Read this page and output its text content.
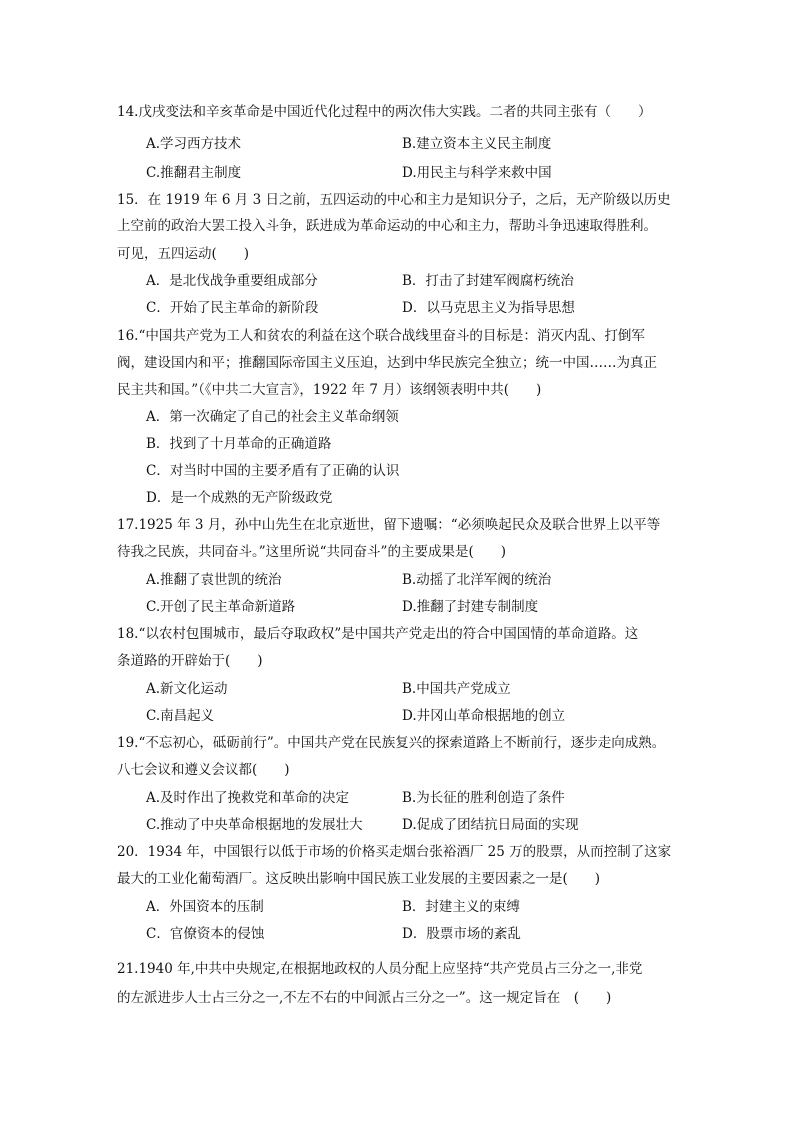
14.戊戌变法和辛亥革命是中国近代化过程中的两次伟大实践。二者的共同主张有（　　）
A.学习西方技术	B.建立资本主义民主制度
C.推翻君主制度	D.用民主与科学来救中国
15．在 1919 年 6 月 3 日之前，五四运动的中心和主力是知识分子，之后，无产阶级以历史
上空前的政治大罢工投入斗争，跃进成为革命运动的中心和主力，帮助斗争迅速取得胜利。
可见，五四运动(　　)
A．是北伐战争重要组成部分	B．打击了封建军阀腐朽统治
C．开始了民主革命的新阶段	D．以马克思主义为指导思想
16.“中国共产党为工人和贫农的利益在这个联合战线里奋斗的目标是：消灭内乱、打倒军
阀，建设国内和平；推翻国际帝国主义压迫，达到中华民族完全独立；统一中国……为真正
民主共和国。”（《中共二大宣言》，1922 年 7 月）该纲领表明中共(　　)
A．第一次确定了自己的社会主义革命纲领
B．找到了十月革命的正确道路
C．对当时中国的主要矛盾有了正确的认识
D．是一个成熟的无产阶级政党
17.1925 年 3 月，孙中山先生在北京逝世，留下遗嘱：“必须唤起民众及联合世界上以平等
待我之民族，共同奋斗。”这里所说“共同奋斗”的主要成果是(　　)
A.推翻了袁世凯的统治	B.动摇了北洋军阀的统治
C.开创了民主革命新道路	D.推翻了封建专制制度
18.“以农村包围城市，最后夺取政权”是中国共产党走出的符合中国国情的革命道路。这
条道路的开辟始于(　　)
A.新文化运动	B.中国共产党成立
C.南昌起义	D.井冈山革命根据地的创立
19.“不忘初心，砥砺前行”。中国共产党在民族复兴的探索道路上不断前行，逐步走向成熟。
八七会议和遵义会议都(　　)
A.及时作出了挽救党和革命的决定	B.为长征的胜利创造了条件
C.推动了中央革命根据地的发展壮大	D.促成了团结抗日局面的实现
20．1934 年，中国银行以低于市场的价格买走烟台张裕酒厂 25 万的股票，从而控制了这家
最大的工业化葡萄酒厂。这反映出影响中国民族工业发展的主要因素之一是(　　)
A．外国资本的压制	B．封建主义的束缚
C．官僚资本的侵蚀	D．股票市场的紊乱
21.1940 年,中共中央规定,在根据地政权的人员分配上应坚持“共产党员占三分之一,非党
的左派进步人士占三分之一,不左不右的中间派占三分之一”。这一规定旨在　(　　)
